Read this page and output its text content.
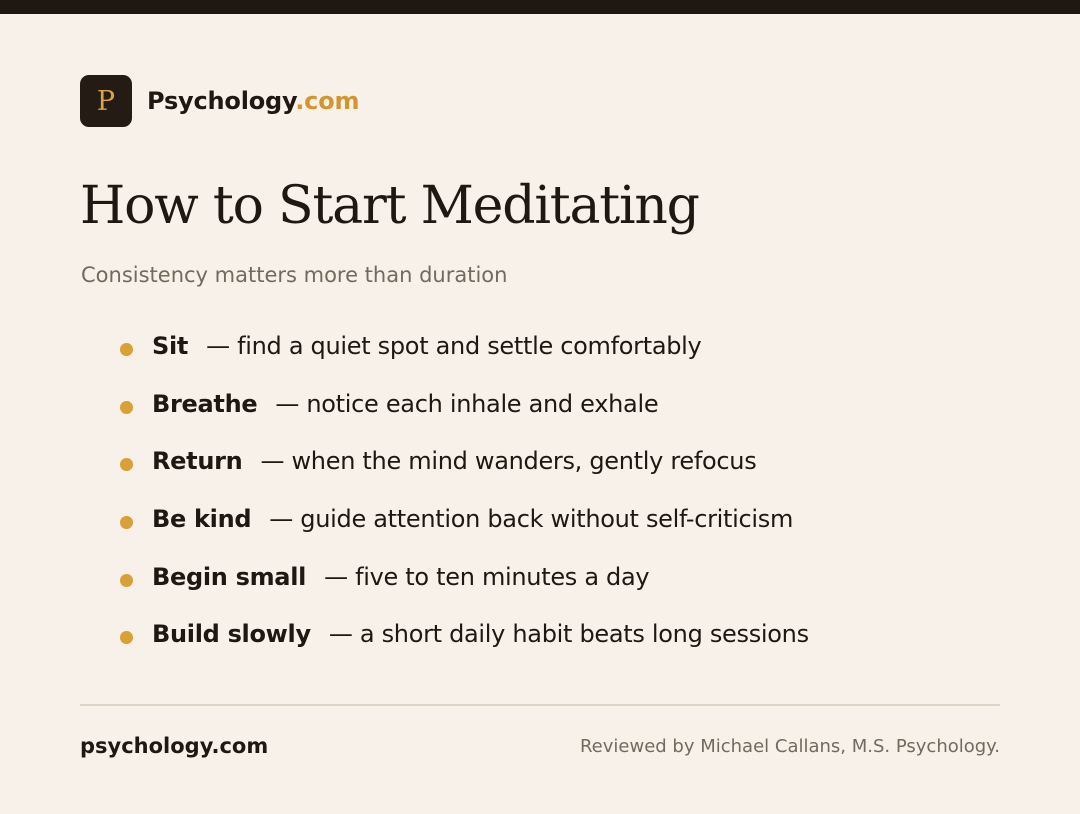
P Psychology.com
How to Start Meditating

Consistency matters more than duration

Sit — find a quiet spot and settle comfortably
Breathe — notice each inhale and exhale
Return — when the mind wanders, gently refocus
Be kind — guide attention back without self-criticism
Begin small — five to ten minutes a day
Build slowly — a short daily habit beats long sessions
psychology.com	Reviewed by Michael Callans, M.S. Psychology.
